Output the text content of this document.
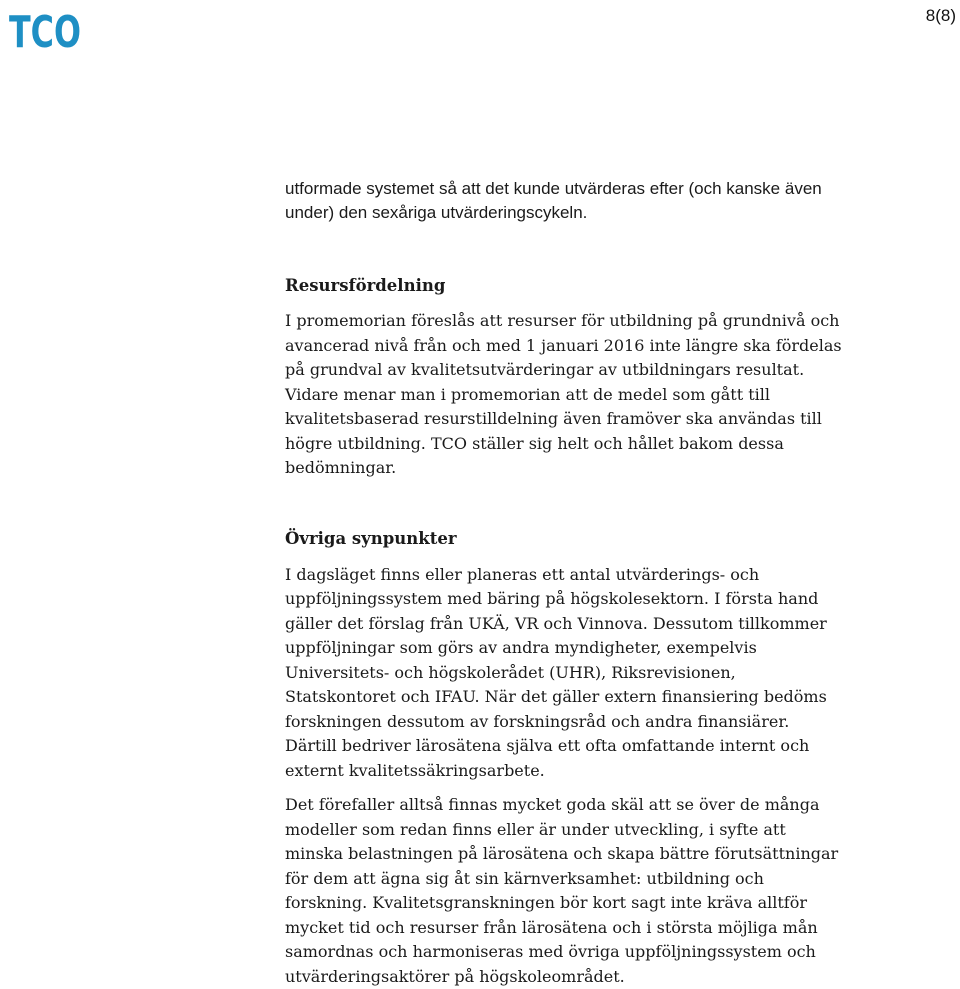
TCO	8(8)

utformade systemet så att det kunde utvärderas efter (och kanske även under) den sexåriga utvärderingscykeln.

Resursfördelning

I promemorian föreslås att resurser för utbildning på grundnivå och avancerad nivå från och med 1 januari 2016 inte längre ska fördelas på grundval av kvalitetsutvärderingar av utbildningars resultat. Vidare menar man i promemorian att de medel som gått till kvalitetsbaserad resurstilldelning även framöver ska användas till högre utbildning. TCO ställer sig helt och hållet bakom dessa bedömningar.

Övriga synpunkter

I dagsläget finns eller planeras ett antal utvärderings- och uppföljningssystem med bäring på högskolesektorn. I första hand gäller det förslag från UKÄ, VR och Vinnova. Dessutom tillkommer uppföljningar som görs av andra myndigheter, exempelvis Universitets- och högskolerådet (UHR), Riksrevisionen, Statskontoret och IFAU. När det gäller extern finansiering bedöms forskningen dessutom av forskningsråd och andra finansiärer. Därtill bedriver lärosätena själva ett ofta omfattande internt och externt kvalitetssäkringsarbete.

Det förefaller alltså finnas mycket goda skäl att se över de många modeller som redan finns eller är under utveckling, i syfte att minska belastningen på lärosätena och skapa bättre förutsättningar för dem att ägna sig åt sin kärnverksamhet: utbildning och forskning. Kvalitetsgranskningen bör kort sagt inte kräva alltför mycket tid och resurser från lärosätena och i största möjliga mån samordnas och harmoniseras med övriga uppföljningssystem och utvärderingsaktörer på högskoleområdet.
